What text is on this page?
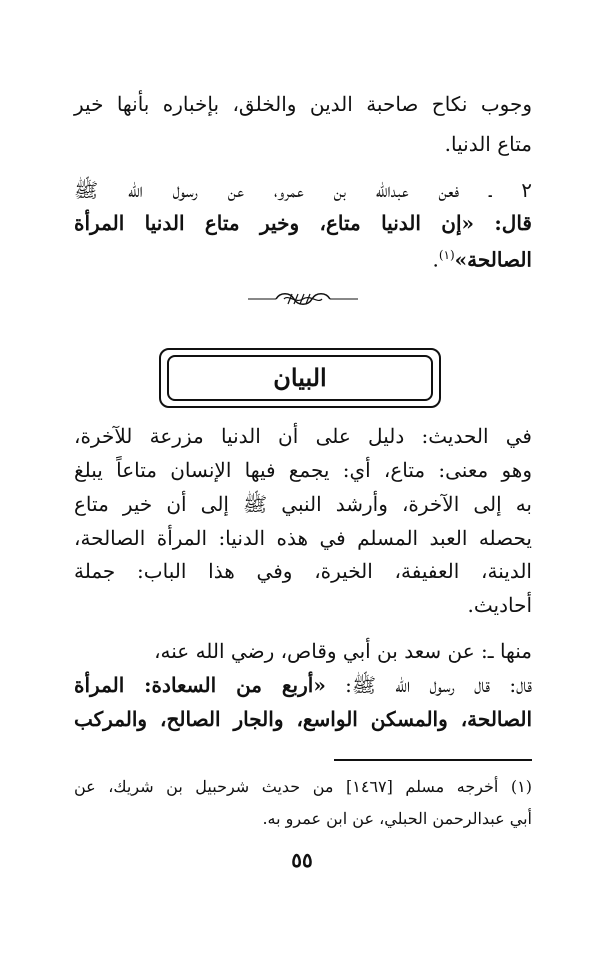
وجوب نكاح صاحبة الدين والخلق، بإخباره بأنها خير
متاع الدنيا.
٢ ـ فعن عبدالله بن عمرو، عن رسول الله ﷺ
قال: «إن الدنيا متاع، وخير متاع الدنيا المرأة
الصالحة»$^{(١)}$.
البيان
في الحديث: دليل على أن الدنيا مزرعة للآخرة،
وهو معنى: متاع، أي: يجمع فيها الإنسان متاعاً يبلغ
به إلى الآخرة، وأرشد النبي ﷺ إلى أن خير متاع
يحصله العبد المسلم في هذه الدنيا: المرأة الصالحة،
الدينة، العفيفة، الخيرة، وفي هذا الباب: جملة
أحاديث.
منها ـ: عن سعد بن أبي وقاص، رضي الله عنه،
قال: قال رسول الله ﷺ: «أربع من السعادة: المرأة
الصالحة، والمسكن الواسع، والجار الصالح، والمركب
(١) أخرجه مسلم [١٤٦٧] من حديث شرحبيل بن شريك، عن
أبي عبدالرحمن الحبلي، عن ابن عمرو به.
٥٥
